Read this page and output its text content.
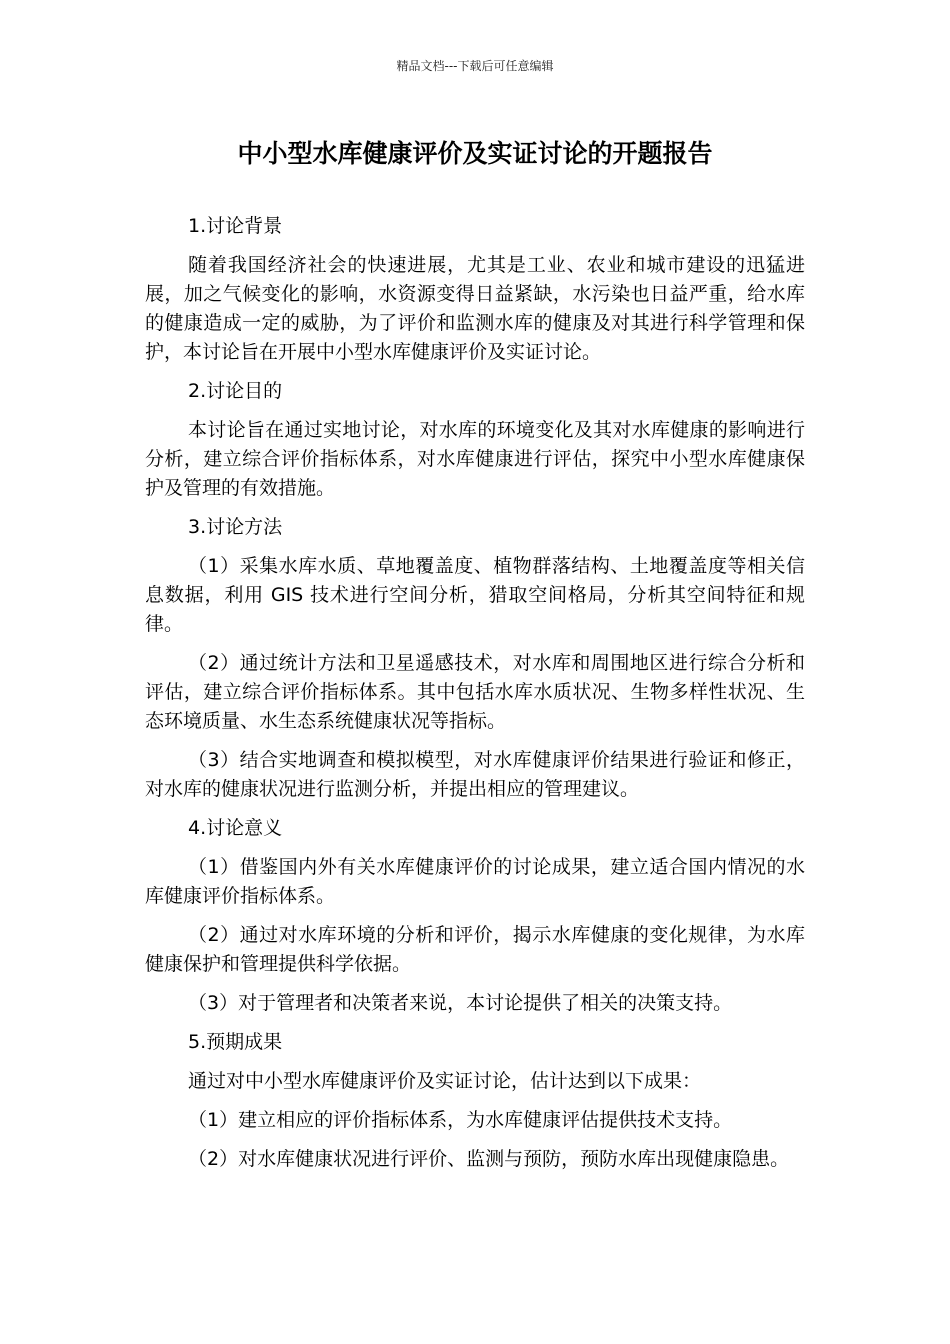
精品文档---下载后可任意编辑
中小型水库健康评价及实证讨论的开题报告

1.讨论背景

随着我国经济社会的快速进展，尤其是工业、农业和城市建设的迅猛进展，加之气候变化的影响，水资源变得日益紧缺，水污染也日益严重，给水库的健康造成一定的威胁，为了评价和监测水库的健康及对其进行科学管理和保护，本讨论旨在开展中小型水库健康评价及实证讨论。

2.讨论目的

本讨论旨在通过实地讨论，对水库的环境变化及其对水库健康的影响进行分析，建立综合评价指标体系，对水库健康进行评估，探究中小型水库健康保护及管理的有效措施。

3.讨论方法

（1）采集水库水质、草地覆盖度、植物群落结构、土地覆盖度等相关信息数据，利用 GIS 技术进行空间分析，猎取空间格局，分析其空间特征和规律。

（2）通过统计方法和卫星遥感技术，对水库和周围地区进行综合分析和评估，建立综合评价指标体系。其中包括水库水质状况、生物多样性状况、生态环境质量、水生态系统健康状况等指标。

（3）结合实地调查和模拟模型，对水库健康评价结果进行验证和修正，对水库的健康状况进行监测分析，并提出相应的管理建议。

4.讨论意义

（1）借鉴国内外有关水库健康评价的讨论成果，建立适合国内情况的水库健康评价指标体系。

（2）通过对水库环境的分析和评价，揭示水库健康的变化规律，为水库健康保护和管理提供科学依据。

（3）对于管理者和决策者来说，本讨论提供了相关的决策支持。

5.预期成果

通过对中小型水库健康评价及实证讨论，估计达到以下成果：

（1）建立相应的评价指标体系，为水库健康评估提供技术支持。

（2）对水库健康状况进行评价、监测与预防，预防水库出现健康隐患。
